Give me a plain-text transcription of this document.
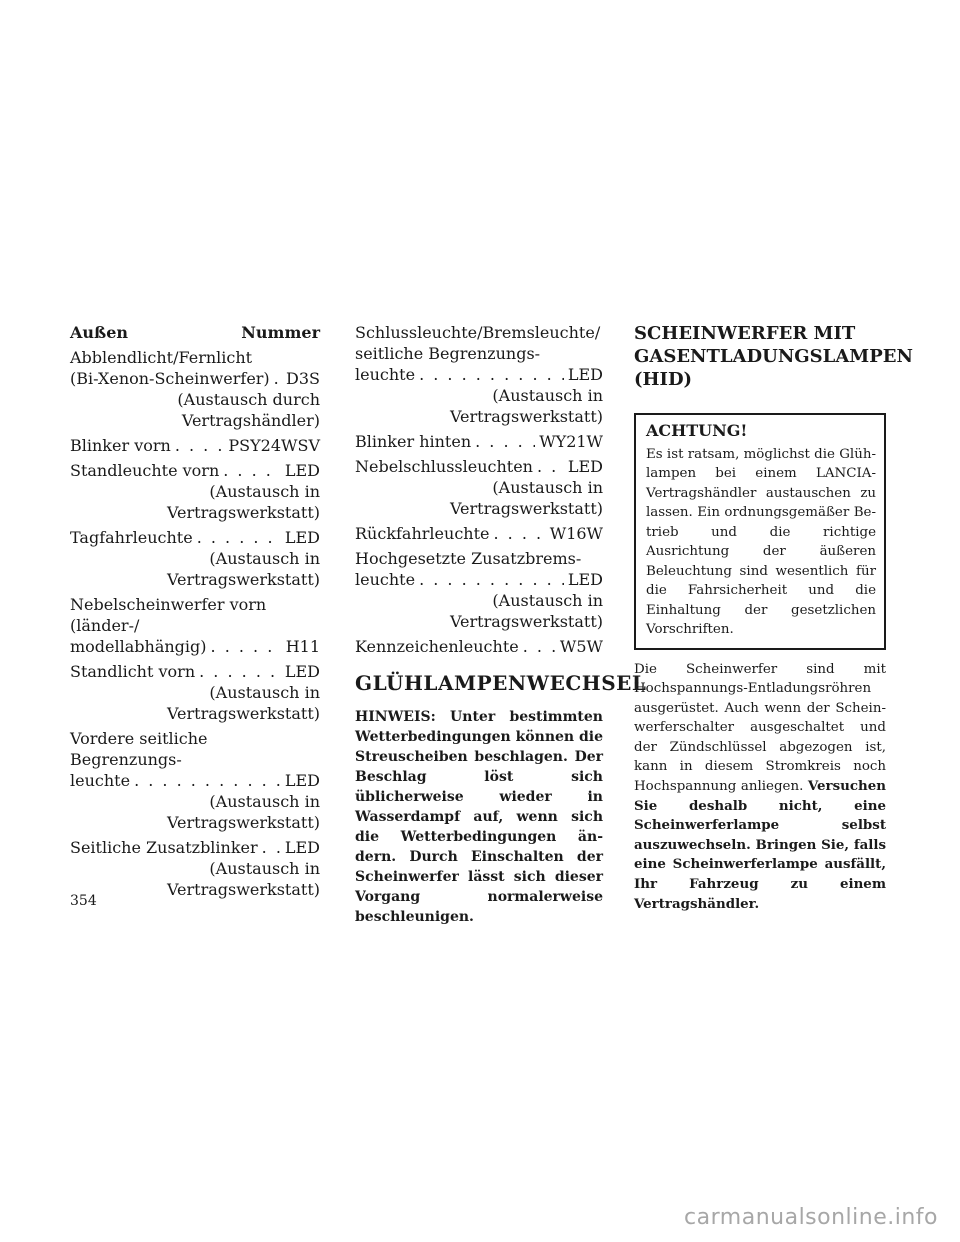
Außen	Nummer
Abblendlicht/Fernlicht
(Bi-Xenon-Scheinwerfer) . . . D3S
(Austausch durch
Vertragshändler)
Blinker vorn . . .	PSY24WSV
Standleuchte vorn . . .	LED
(Austausch in
Vertragswerkstatt)
Tagfahrleuchte . . .	LED
(Austausch in
Vertragswerkstatt)
Nebelscheinwerfer vorn (länder-/
modellabhängig) . . .	H11
Standlicht vorn . . .	LED
(Austausch in
Vertragswerkstatt)
Vordere seitliche Begrenzungs-
leuchte . . .	LED
(Austausch in
Vertragswerkstatt)
Seitliche Zusatzblinker . . . LED
(Austausch in
Vertragswerkstatt)
Schlussleuchte/Bremsleuchte/
seitliche Begrenzungs-
leuchte . . .	LED
(Austausch in
Vertragswerkstatt)
Blinker hinten . . .	WY21W
Nebelschlussleuchten . . . LED
(Austausch in
Vertragswerkstatt)
Rückfahrleuchte . . .	W16W
Hochgesetzte Zusatzbrems-
leuchte . . .	LED
(Austausch in
Vertragswerkstatt)
Kennzeichenleuchte . . .	W5W
GLÜHLAMPENWECHSEL

HINWEIS: Unter bestimmten Wetterbedingungen können die Streuscheiben beschlagen. Der Beschlag löst sich üblicherweise wieder in Wasserdampf auf, wenn sich die Wetterbedingungen ändern. Durch Einschalten der Scheinwerfer lässt sich dieser Vorgang normalerweise beschleunigen.

SCHEINWERFER MIT
GASENTLADUNGSLAMPEN
(HID)
ACHTUNG!

Es ist ratsam, möglichst die Glühlampen bei einem LANCIA-Vertragshändler austauschen zu lassen. Ein ordnungsgemäßer Betrieb und die richtige Ausrichtung der äußeren Beleuchtung sind wesentlich für die Fahrsicherheit und die Einhaltung der gesetzlichen Vorschriften.

Die Scheinwerfer sind mit Hochspannungs-Entladungsröhren ausgerüstet. Auch wenn der Scheinwerferschalter ausgeschaltet und der Zündschlüssel abgezogen ist, kann in diesem Stromkreis noch Hochspannung anliegen. Versuchen Sie deshalb nicht, eine Scheinwerferlampe selbst auszuwechseln. Bringen Sie, falls eine Scheinwerferlampe ausfällt, Ihr Fahrzeug zu einem Vertragshändler.

354
carmanualsonline.info
